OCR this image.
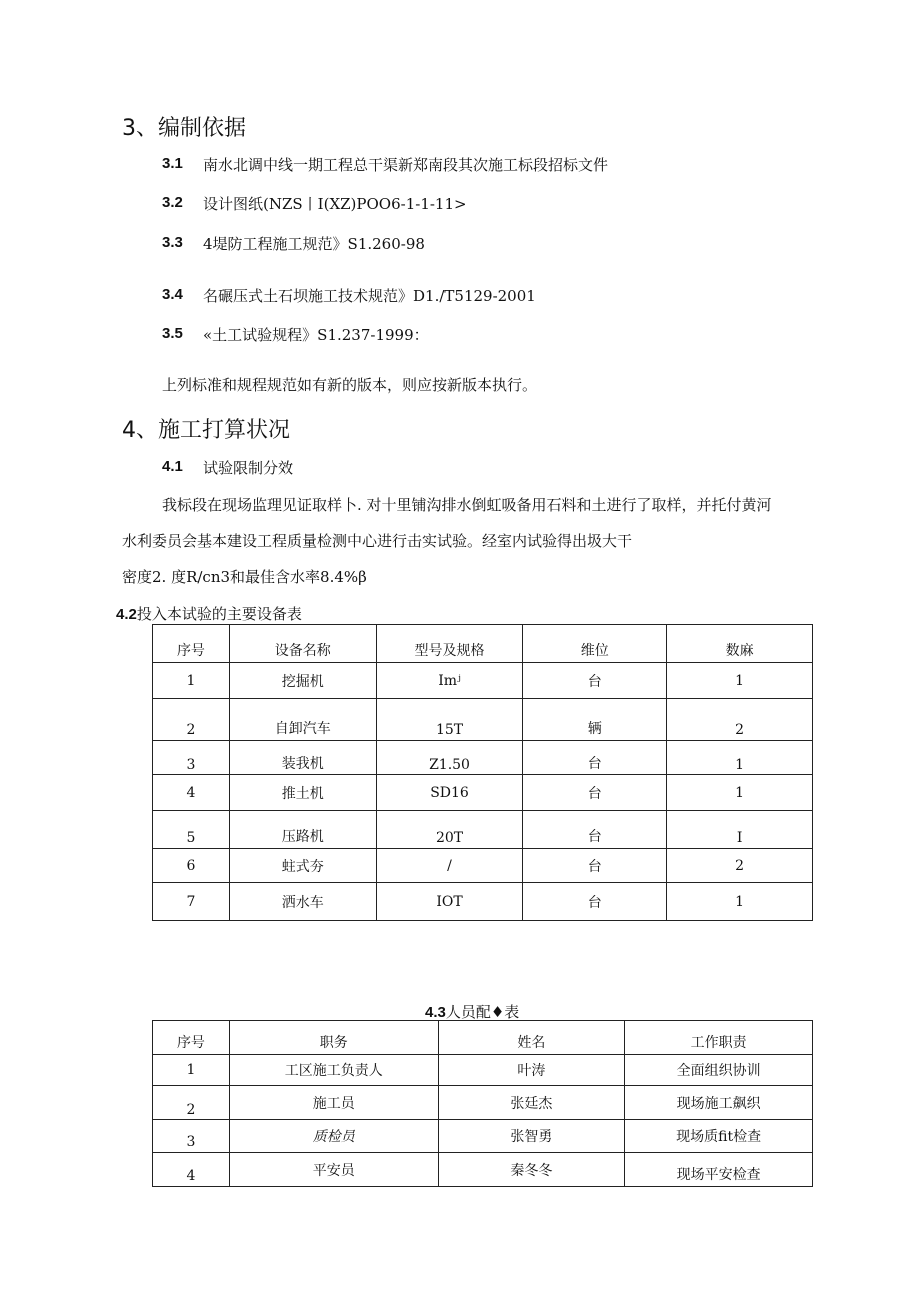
3、编制依据
3.1 南水北调中线一期工程总干渠新郑南段其次施工标段招标文件
3.2 设计图纸(NZS丨I(XZ)POO6-1-1-11>
3.3 4堤防工程施工规范》S1.260-98
3.4 名碾压式土石坝施工技术规范》D1./T5129-2001
3.5 «土工试验规程》S1.237-1999：
上列标准和规程规范如有新的版本，则应按新版本执行。
4、施工打算状况
4.1 试验限制分效
我标段在现场监理见证取样卜. 对十里铺沟排水倒虹吸备用石料和土进行了取样，并托付黄河
水利委员会基本建设工程质量检测中心进行击实试验。经室内试验得出圾大干
密度2. 度R∕cn3和最佳含水率8.4%β
4.2投入本试验的主要设备表
序号	设备名称	型号及规格	维位	数麻
1	挖掘机	Imʲ	台	1
2	自卸汽车	15T	辆	2
3	装我机	Z1.50	台	1
4	推土机	SD16	台	1
5	压路机	20T	台	I
6	蛀式夯	/	台	2
7	洒水车	IOT	台	1
4.3人员配♦表
序号	职务	姓名	工作职责
1	工区施工负责人	叶涛	全面组织协训
2	施工员	张廷杰	现场施工飙织
3	质检员	张智勇	现场质fit检查
4	平安员	秦冬冬	现场平安检查
